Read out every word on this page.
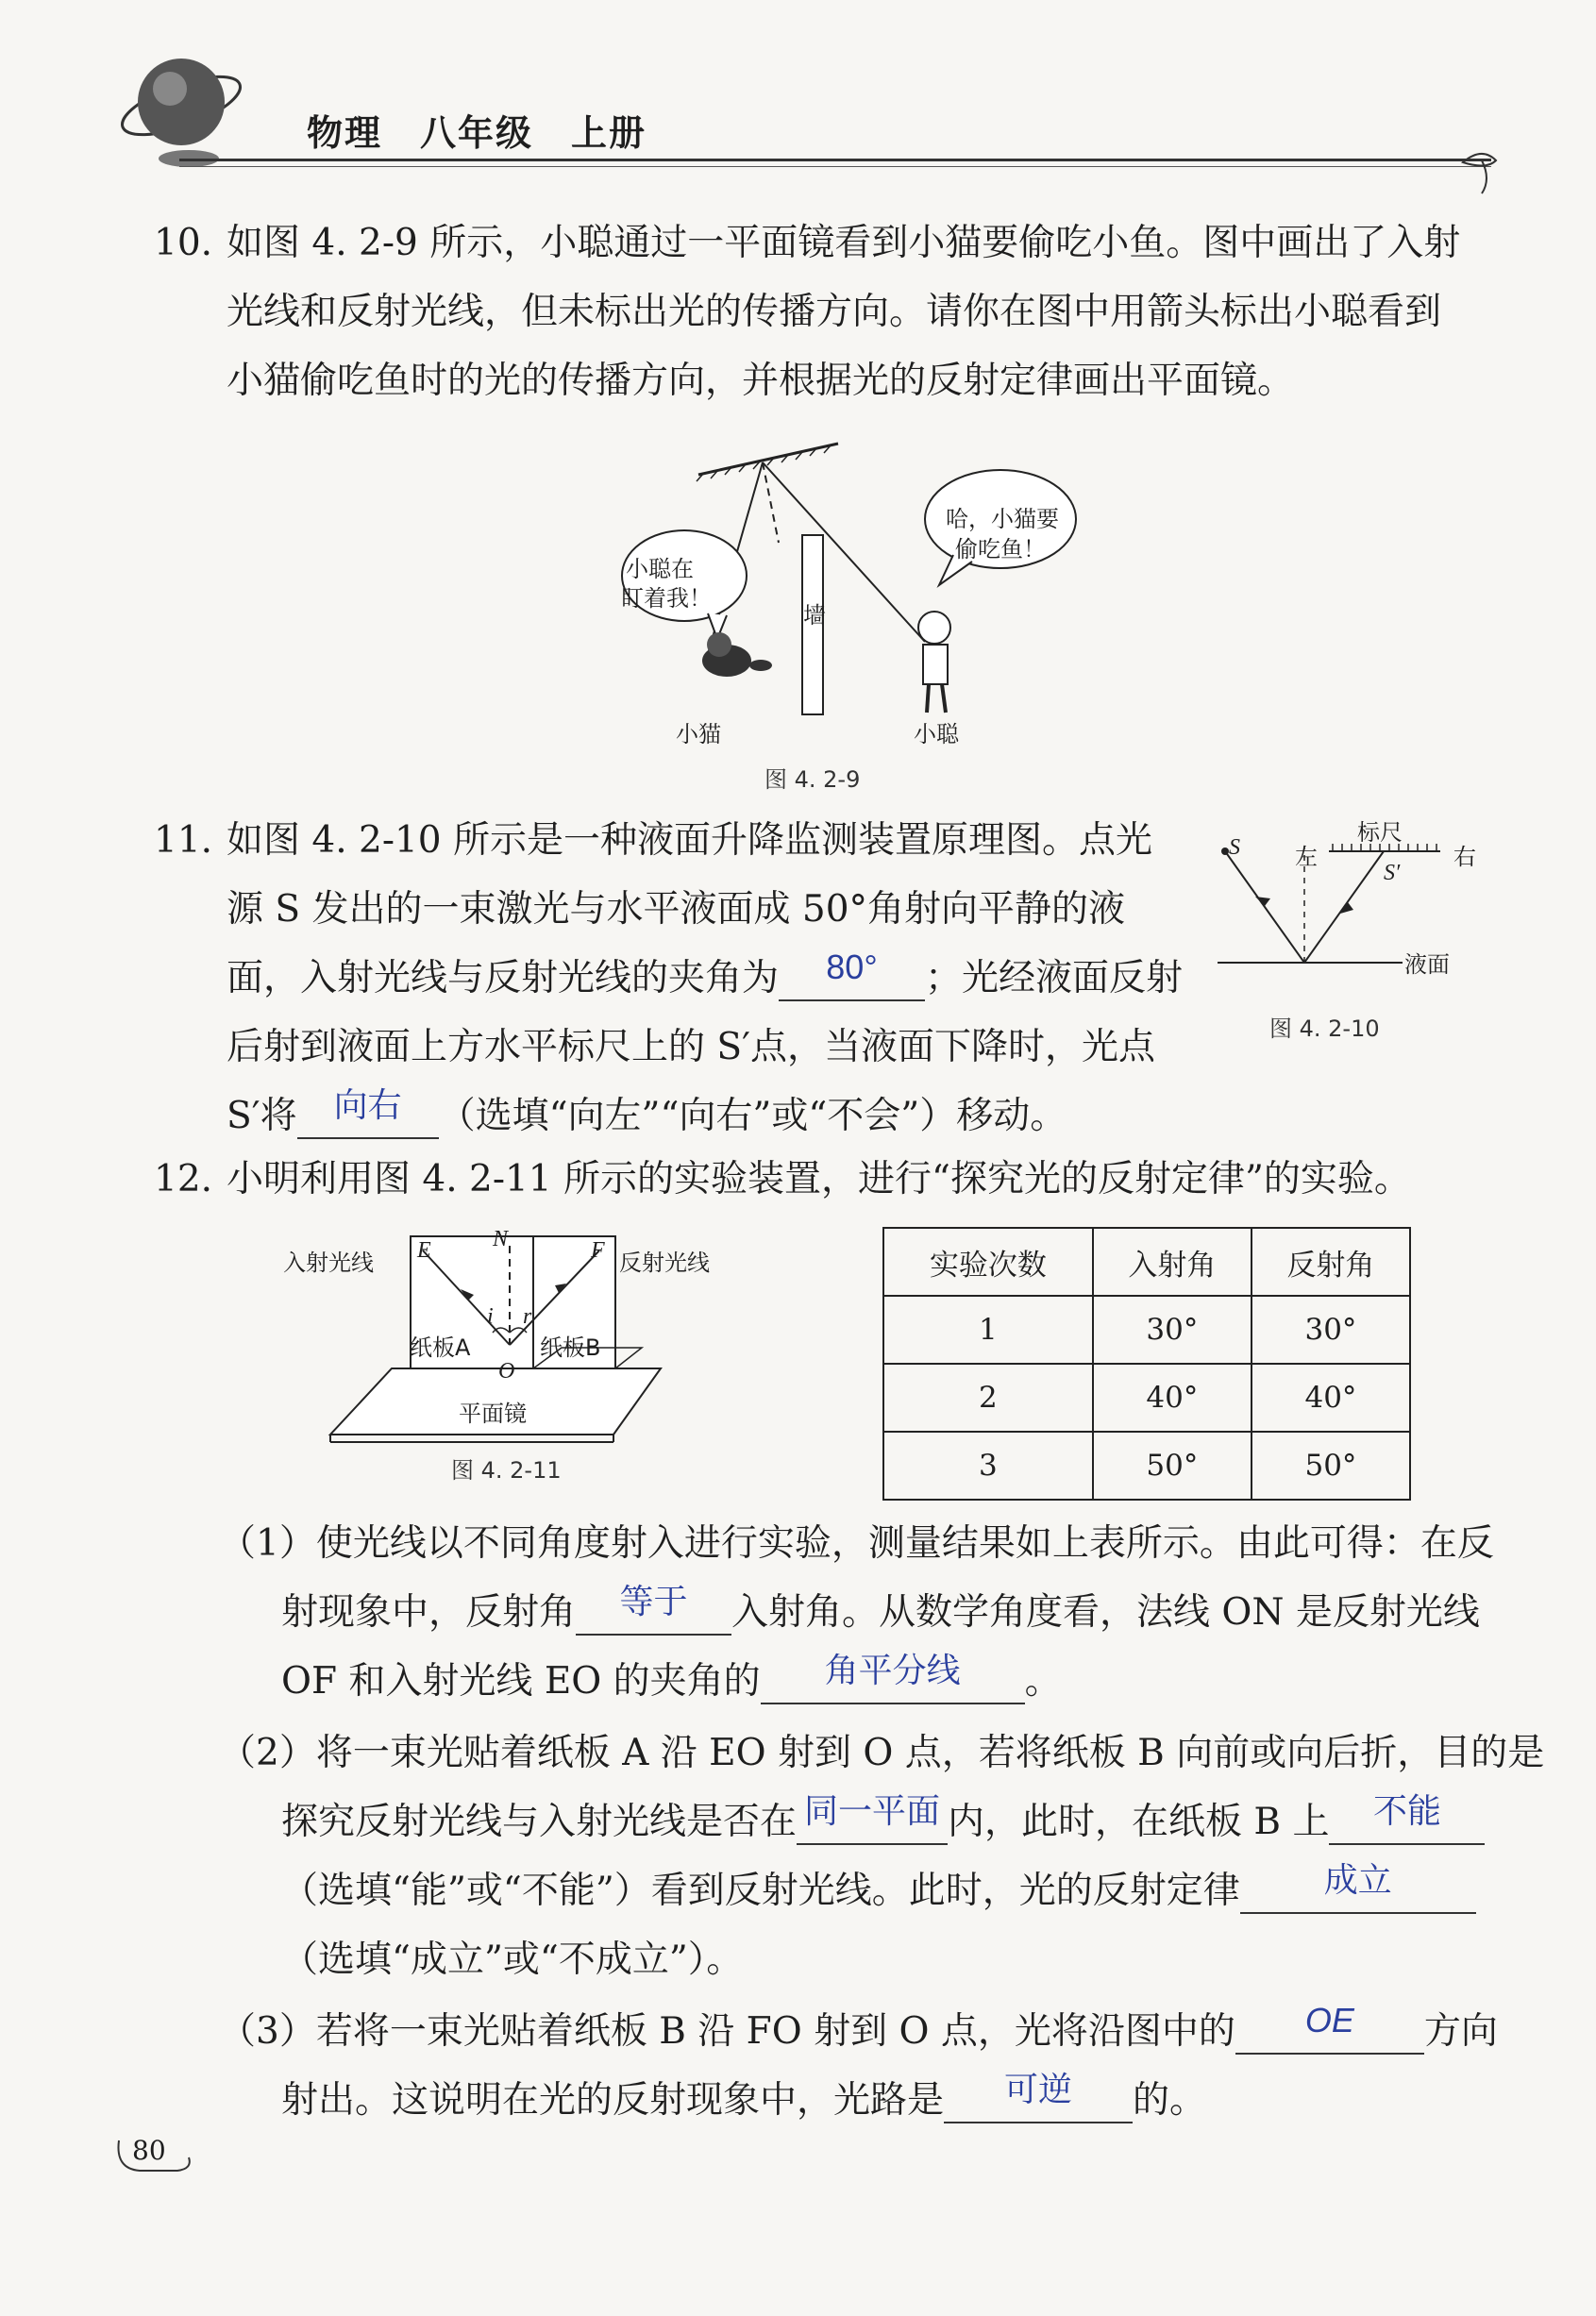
物理　八年级　上册
10. 如图 4. 2-9 所示，小聪通过一平面镜看到小猫要偷吃小鱼。图中画出了入射
光线和反射光线，但未标出光的传播方向。请你在图中用箭头标出小聪看到
小猫偷吃鱼时的光的传播方向，并根据光的反射定律画出平面镜。
小聪在
盯着我！
哈，小猫要
偷吃鱼！
墙
小猫	小聪
图 4. 2-9
11. 如图 4. 2-10 所示是一种液面升降监测装置原理图。点光
源 S 发出的一束激光与水平液面成 50°角射向平静的液
面，入射光线与反射光线的夹角为 80° ；光经液面反射
后射到液面上方水平标尺上的 S′点，当液面下降时，光点
S′将 向右 （选填“向左”“向右”或“不会”）移动。
S
标尺
左	右
S′
液面
图 4. 2-10
12. 小明利用图 4. 2-11 所示的实验装置，进行“探究光的反射定律”的实验。
入射光线	反射光线
E	N	F
i r
纸板A	纸板B
O
平面镜
图 4. 2-11
实验次数	入射角	反射角
1	30°	30°
2	40°	40°
3	50°	50°
（1）使光线以不同角度射入进行实验，测量结果如上表所示。由此可得：在反
射现象中，反射角 等于 入射角。从数学角度看，法线 ON 是反射光线
OF 和入射光线 EO 的夹角的 角平分线 。
（2）将一束光贴着纸板 A 沿 EO 射到 O 点，若将纸板 B 向前或向后折，目的是
探究反射光线与入射光线是否在 同一平面 内，此时，在纸板 B 上 不能
（选填“能”或“不能”）看到反射光线。此时，光的反射定律 成立
（选填“成立”或“不成立”）。
（3）若将一束光贴着纸板 B 沿 FO 射到 O 点，光将沿图中的 OE 方向
射出。这说明在光的反射现象中，光路是 可逆 的。
80
